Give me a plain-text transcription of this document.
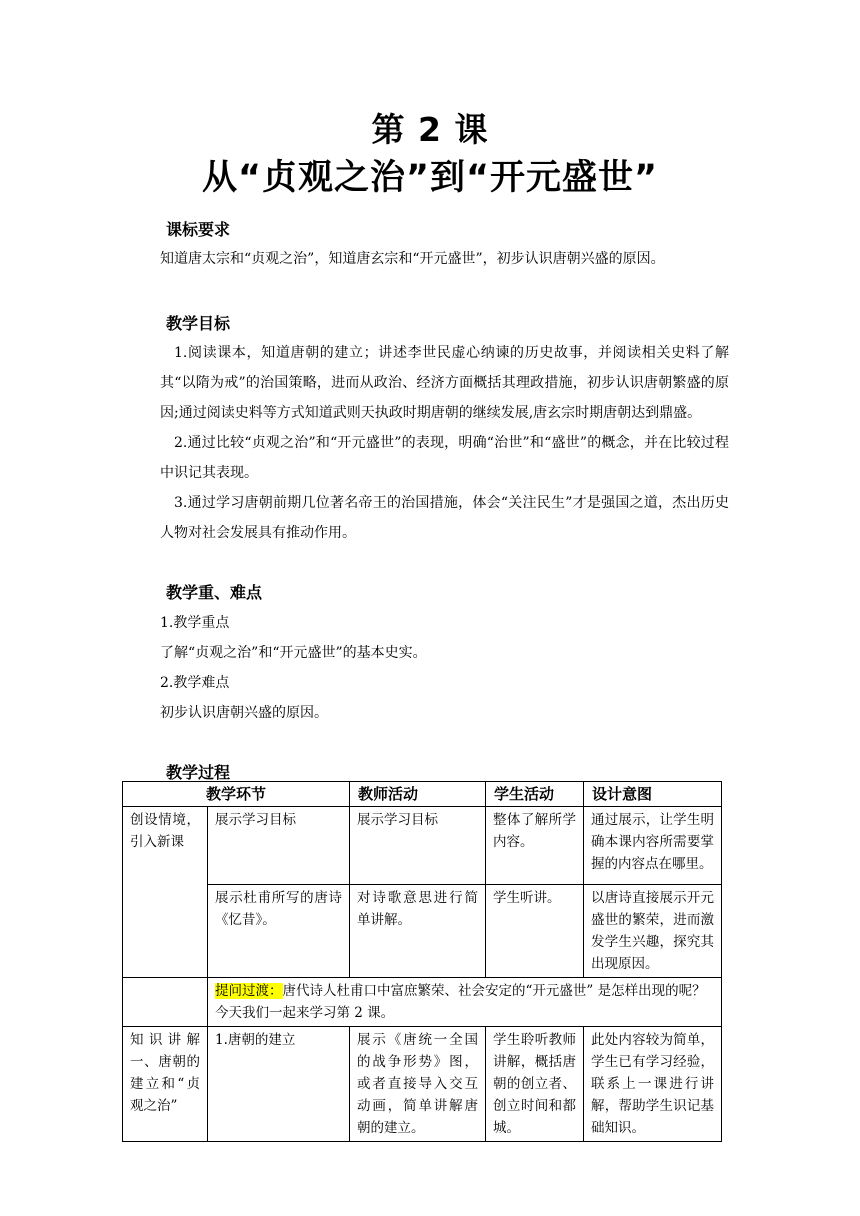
第 2 课
从“贞观之治”到“开元盛世”
课标要求
知道唐太宗和“贞观之治”，知道唐玄宗和“开元盛世”，初步认识唐朝兴盛的原因。
教学目标
1.阅读课本，知道唐朝的建立；讲述李世民虚心纳谏的历史故事，并阅读相关史料了解其“以隋为戒”的治国策略，进而从政治、经济方面概括其理政措施，初步认识唐朝繁盛的原因;通过阅读史料等方式知道武则天执政时期唐朝的继续发展,唐玄宗时期唐朝达到鼎盛。
2.通过比较“贞观之治”和“开元盛世”的表现，明确“治世”和“盛世”的概念，并在比较过程中识记其表现。
3.通过学习唐朝前期几位著名帝王的治国措施，体会“关注民生”才是强国之道，杰出历史人物对社会发展具有推动作用。
教学重、难点
1.教学重点
了解“贞观之治”和“开元盛世”的基本史实。
2.教学难点
初步认识唐朝兴盛的原因。
教学过程
教学环节		教师活动	学生活动	设计意图
创设情境，引入新课	展示学习目标	展示学习目标	整体了解所学内容。	通过展示，让学生明确本课内容所需要掌握的内容点在哪里。
	展示杜甫所写的唐诗《忆昔》。	对诗歌意思进行简单讲解。	学生听讲。	以唐诗直接展示开元盛世的繁荣，进而激发学生兴趣，探究其出现原因。
	提问过渡：唐代诗人杜甫口中富庶繁荣、社会安定的“开元盛世” 是怎样出现的呢？今天我们一起来学习第 2 课。			
知识讲解一、唐朝的建立和“贞观之治”	1.唐朝的建立	展示《唐统一全国的战争形势》图，或者直接导入交互动画，简单讲解唐朝的建立。	学生聆听教师讲解，概括唐朝的创立者、创立时间和都城。	此处内容较为简单，学生已有学习经验，联系上一课进行讲解，帮助学生识记基础知识。
